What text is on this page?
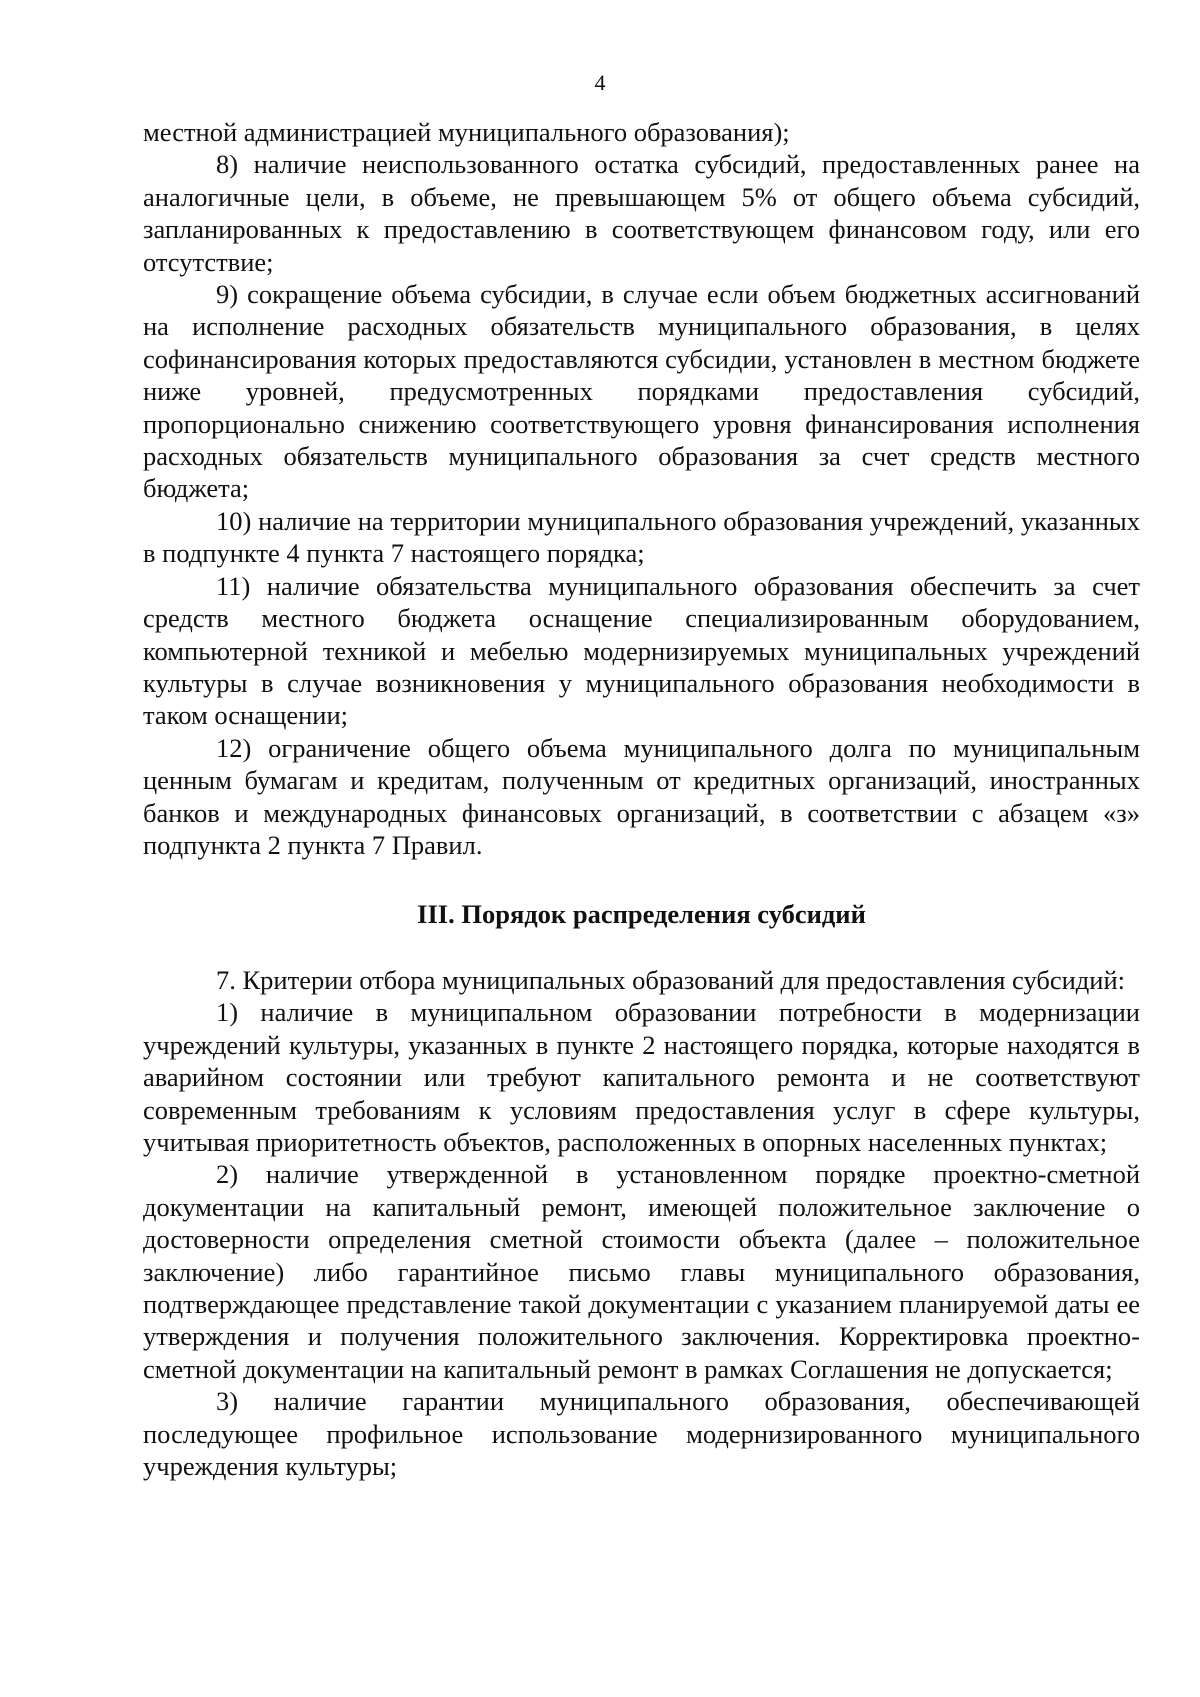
4

местной администрацией муниципального образования);

8) наличие неиспользованного остатка субсидий, предоставленных ранее на аналогичные цели, в объеме, не превышающем 5% от общего объема субсидий, запланированных к предоставлению в соответствующем финансовом году, или его отсутствие;

9) сокращение объема субсидии, в случае если объем бюджетных ассигнований на исполнение расходных обязательств муниципального образования, в целях софинансирования которых предоставляются субсидии, установлен в местном бюджете ниже уровней, предусмотренных порядками предоставления субсидий, пропорционально снижению соответствующего уровня финансирования исполнения расходных обязательств муниципального образования за счет средств местного бюджета;

10) наличие на территории муниципального образования учреждений, указанных в подпункте 4 пункта 7 настоящего порядка;

11) наличие обязательства муниципального образования обеспечить за счет средств местного бюджета оснащение специализированным оборудованием, компьютерной техникой и мебелью модернизируемых муниципальных учреждений культуры в случае возникновения у муниципального образования необходимости в таком оснащении;

12) ограничение общего объема муниципального долга по муниципальным ценным бумагам и кредитам, полученным от кредитных организаций, иностранных банков и международных финансовых организаций, в соответствии с абзацем «з» подпункта 2 пункта 7 Правил.

III. Порядок распределения субсидий

7. Критерии отбора муниципальных образований для предоставления субсидий:

1) наличие в муниципальном образовании потребности в модернизации учреждений культуры, указанных в пункте 2 настоящего порядка, которые находятся в аварийном состоянии или требуют капитального ремонта и не соответствуют современным требованиям к условиям предоставления услуг в сфере культуры, учитывая приоритетность объектов, расположенных в опорных населенных пунктах;

2) наличие утвержденной в установленном порядке проектно-сметной документации на капитальный ремонт, имеющей положительное заключение о достоверности определения сметной стоимости объекта (далее – положительное заключение) либо гарантийное письмо главы муниципального образования, подтверждающее представление такой документации с указанием планируемой даты ее утверждения и получения положительного заключения. Корректировка проектно-сметной документации на капитальный ремонт в рамках Соглашения не допускается;

3) наличие гарантии муниципального образования, обеспечивающей последующее профильное использование модернизированного муниципального учреждения культуры;
